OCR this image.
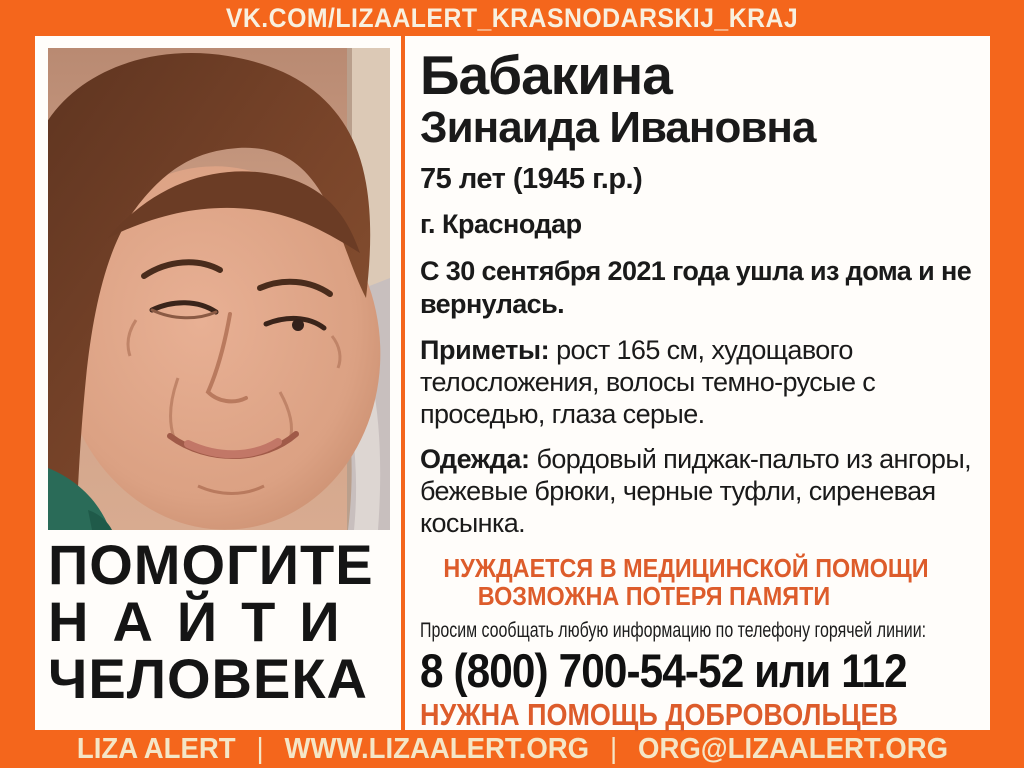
VK.COM/LIZAALERT_KRASNODARSKIJ_KRAJ
ПОМОГИТЕ
НАЙТИ
ЧЕЛОВЕКА
Бабакина
Зинаида Ивановна
75 лет (1945 г.р.)
г. Краснодар
С 30 сентября 2021 года ушла из дома и не вернулась.
Приметы: рост 165 см, худощавого телосложения, волосы темно-русые с проседью, глаза серые.
Одежда: бордовый пиджак-пальто из ангоры, бежевые брюки, черные туфли, сиреневая косынка.
НУЖДАЕТСЯ В МЕДИЦИНСКОЙ ПОМОЩИ
ВОЗМОЖНА ПОТЕРЯ ПАМЯТИ
Просим сообщать любую информацию по телефону горячей линии:
8 (800) 700-54-52 или 112
НУЖНА ПОМОЩЬ ДОБРОВОЛЬЦЕВ
LIZA ALERT | WWW.LIZAALERT.ORG | ORG@LIZAALERT.ORG
